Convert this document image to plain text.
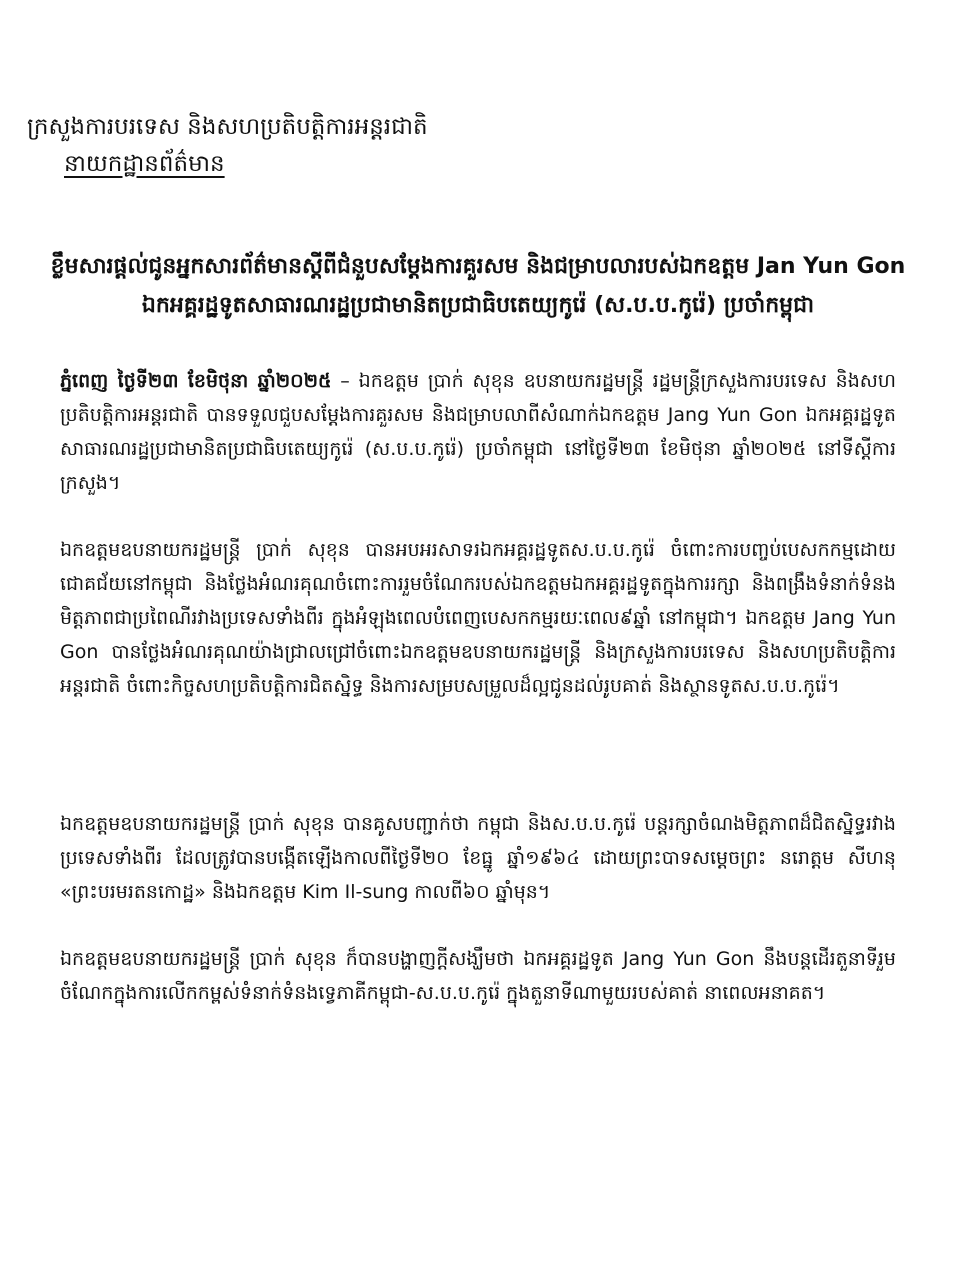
ក្រសួងការបរទេស និងសហប្រតិបត្តិការអន្តរជាតិ
នាយកដ្ឋានព័ត៌មាន
ខ្លឹមសារផ្តល់ជូនអ្នកសារព័ត៌មានស្តីពីជំនួបសម្តែងការគួរសម និងជម្រាបលារបស់ឯកឧត្តម Jan Yun Gon
ឯកអគ្គរដ្ឋទូតសាធារណរដ្ឋប្រជាមានិតប្រជាធិបតេយ្យកូរ៉េ (ស.ប.ប.កូរ៉េ) ប្រចាំកម្ពុជា
ភ្នំពេញ ថ្ងៃទី២៣ ខែមិថុនា ឆ្នាំ២០២៥ – ឯកឧត្តម ប្រាក់ សុខុន ឧបនាយករដ្ឋមន្ត្រី រដ្ឋមន្ត្រីក្រសួងការបរទេស និងសហប្រតិបត្តិការអន្តរជាតិ បានទទួលជួបសម្តែងការគួរសម និងជម្រាបលាពីសំណាក់ឯកឧត្តម Jang Yun Gon ឯកអគ្គរដ្ឋទូតសាធារណរដ្ឋប្រជាមានិតប្រជាធិបតេយ្យកូរ៉េ (ស.ប.ប.កូរ៉េ) ប្រចាំកម្ពុជា នៅថ្ងៃទី២៣ ខែមិថុនា ឆ្នាំ២០២៥ នៅទីស្តីការក្រសួង។
ឯកឧត្តមឧបនាយករដ្ឋមន្ត្រី ប្រាក់ សុខុន បានអបអរសាទរឯកអគ្គរដ្ឋទូតស.ប.ប.កូរ៉េ ចំពោះការបញ្ចប់បេសកកម្មដោយជោគជ័យនៅកម្ពុជា និងថ្លែងអំណរគុណចំពោះការរួមចំណែករបស់ឯកឧត្តមឯកអគ្គរដ្ឋទូតក្នុងការរក្សា និងពង្រឹងទំនាក់ទំនងមិត្តភាពជាប្រពៃណីរវាងប្រទេសទាំងពីរ ក្នុងអំឡុងពេលបំពេញបេសកកម្មរយៈពេល៩ឆ្នាំ នៅកម្ពុជា។ ឯកឧត្តម Jang Yun Gon បានថ្លែងអំណរគុណយ៉ាងជ្រាលជ្រៅចំពោះឯកឧត្តមឧបនាយករដ្ឋមន្ត្រី និងក្រសួងការបរទេស និងសហប្រតិបត្តិការអន្តរជាតិ ចំពោះកិច្ចសហប្រតិបត្តិការជិតស្និទ្ធ និងការសម្របសម្រួលដ៏ល្អជូនដល់រូបគាត់ និងស្ថានទូតស.ប.ប.កូរ៉េ។
ឯកឧត្តមឧបនាយករដ្ឋមន្ត្រី ប្រាក់ សុខុន បានគូសបញ្ជាក់ថា កម្ពុជា និងស.ប.ប.កូរ៉េ បន្តរក្សាចំណងមិត្តភាពដ៏ជិតស្និទ្ធរវាងប្រទេសទាំងពីរ ដែលត្រូវបានបង្កើតឡើងកាលពីថ្ងៃទី២០ ខែធ្នូ ឆ្នាំ១៩៦៤ ដោយព្រះបាទសម្តេចព្រះ នរោត្តម សីហនុ «ព្រះបរមរតនកោដ្ឋ» និងឯកឧត្តម Kim Il-sung កាលពី៦០ ឆ្នាំមុន។
ឯកឧត្តមឧបនាយករដ្ឋមន្ត្រី ប្រាក់ សុខុន ក៏បានបង្ហាញក្តីសង្ឃឹមថា ឯកអគ្គរដ្ឋទូត Jang Yun Gon នឹងបន្តដើរតួនាទីរួមចំណែកក្នុងការលើកកម្ពស់ទំនាក់ទំនងទ្វេភាគីកម្ពុជា-ស.ប.ប.កូរ៉េ ក្នុងតួនាទីណាមួយរបស់គាត់ នាពេលអនាគត។
